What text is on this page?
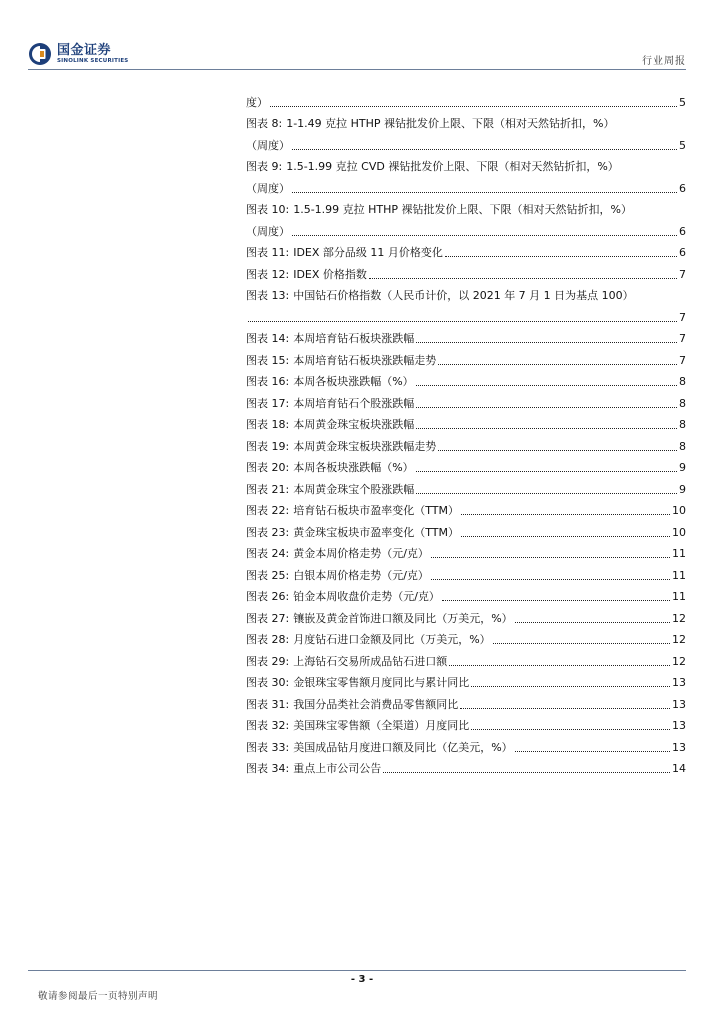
国金证券
SINOLINK SECURITIES	行业周报
度）	5
图表 8: 1-1.49 克拉 HTHP 裸钻批发价上限、下限（相对天然钻折扣，%）
（周度）	5
图表 9: 1.5-1.99 克拉 CVD 裸钻批发价上限、下限（相对天然钻折扣，%）
（周度）	6
图表 10: 1.5-1.99 克拉 HTHP 裸钻批发价上限、下限（相对天然钻折扣，%）
（周度）	6
图表 11: IDEX 部分品级 11 月价格变化	6
图表 12: IDEX 价格指数	7
图表 13: 中国钻石价格指数（人民币计价，以 2021 年 7 月 1 日为基点 100）
7
图表 14: 本周培育钻石板块涨跌幅	7
图表 15: 本周培育钻石板块涨跌幅走势	7
图表 16: 本周各板块涨跌幅（%）	8
图表 17: 本周培育钻石个股涨跌幅	8
图表 18: 本周黄金珠宝板块涨跌幅	8
图表 19: 本周黄金珠宝板块涨跌幅走势	8
图表 20: 本周各板块涨跌幅（%）	9
图表 21: 本周黄金珠宝个股涨跌幅	9
图表 22: 培育钻石板块市盈率变化（TTM）	10
图表 23: 黄金珠宝板块市盈率变化（TTM）	10
图表 24: 黄金本周价格走势（元/克）	11
图表 25: 白银本周价格走势（元/克）	11
图表 26: 铂金本周收盘价走势（元/克）	11
图表 27: 镶嵌及黄金首饰进口额及同比（万美元，%）	12
图表 28: 月度钻石进口金额及同比（万美元，%）	12
图表 29: 上海钻石交易所成品钻石进口额	12
图表 30: 金银珠宝零售额月度同比与累计同比	13
图表 31: 我国分品类社会消费品零售额同比	13
图表 32: 美国珠宝零售额（全渠道）月度同比	13
图表 33: 美国成品钻月度进口额及同比（亿美元，%）	13
图表 34: 重点上市公司公告	14
- 3 -
敬请参阅最后一页特别声明
